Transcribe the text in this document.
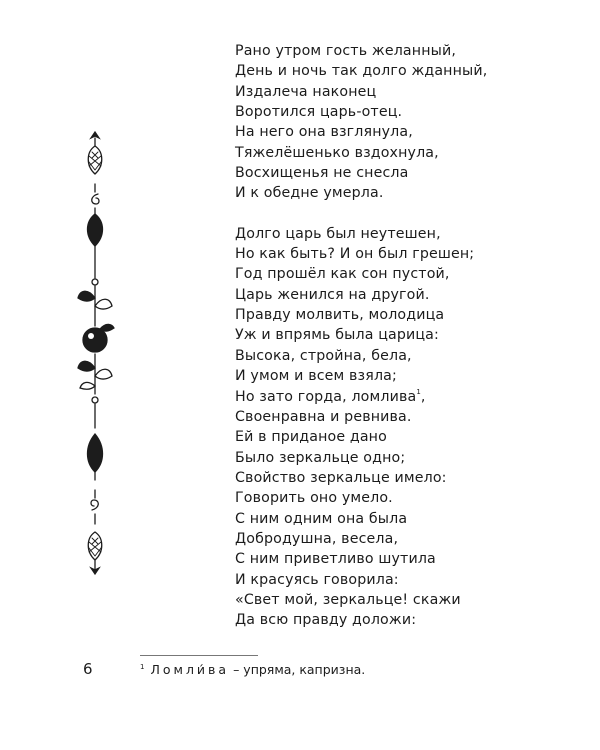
Рано утром гость желанный,
День и ночь так долго жданный,
Издалеча наконец
Воротился царь-отец.
На него она взглянула,
Тяжелёшенько вздохнула,
Восхищенья не снесла
И к обедне умерла.
Долго царь был неутешен,
Но как быть? И он был грешен;
Год прошёл как сон пустой,
Царь женился на другой.
Правду молвить, молодица
Уж и впрямь была царица:
Высока, стройна, бела,
И умом и всем взяла;
Но зато горда, ломлива$^1$,
Своенравна и ревнива.
Ей в приданое дано
Было зеркальце одно;
Свойство зеркальце имело:
Говорить оно умело.
С ним одним она была
Добродушна, весела,
С ним приветливо шутила
И красуясь говорила:
«Свет мой, зеркальце! скажи
Да всю правду доложи:
6	$^1$ Ломли́ва – упряма, капризна.
